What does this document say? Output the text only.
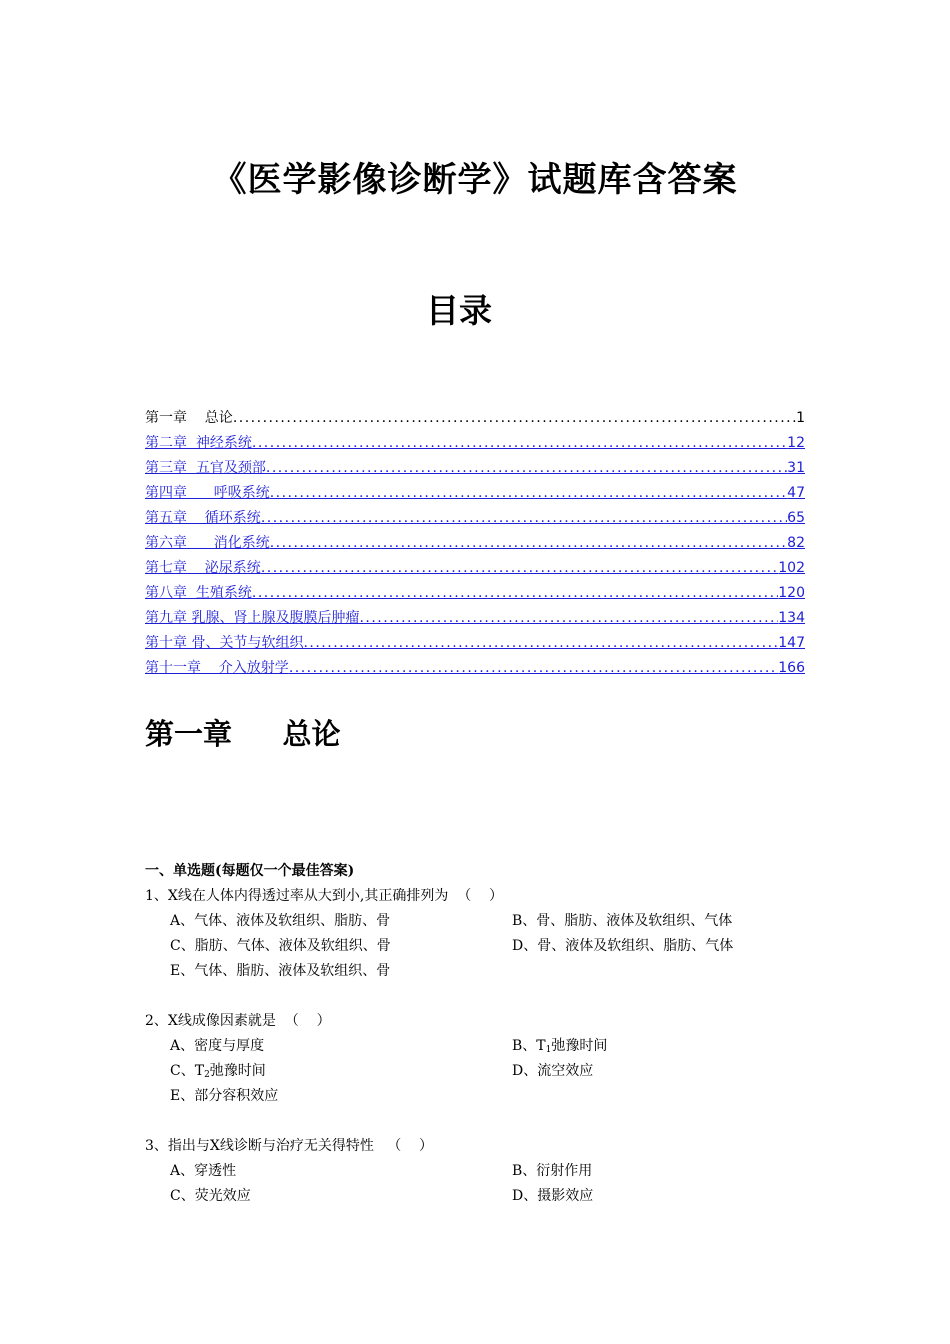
《医学影像诊断学》试题库含答案
目录
第一章    总论 .....	1
第二章  神经系统 .....	12
第三章  五官及颈部 .....	31
第四章      呼吸系统 .....	47
第五章    循环系统 .....	65
第六章      消化系统 .....	82
第七章    泌尿系统 .....	102
第八章  生殖系统 .....	120
第九章 乳腺、肾上腺及腹膜后肿瘤 .....	134
第十章 骨、关节与软组织 .....	147
第十一章    介入放射学 .....	166
第一章     总论
一、单选题(每题仅一个最佳答案)
1、X线在人体内得透过率从大到小,其正确排列为  （    ）
A、气体、液体及软组织、脂肪、骨	B、骨、脂肪、液体及软组织、气体
C、脂肪、气体、液体及软组织、骨	D、骨、液体及软组织、脂肪、气体
E、气体、脂肪、液体及软组织、骨
2、X线成像因素就是  （    ）
A、密度与厚度	B、$T_1$弛豫时间
C、$T_2$弛豫时间	D、流空效应
E、部分容积效应
3、指出与X线诊断与治疗无关得特性   （    ）
A、穿透性	B、衍射作用
C、荧光效应	D、摄影效应
